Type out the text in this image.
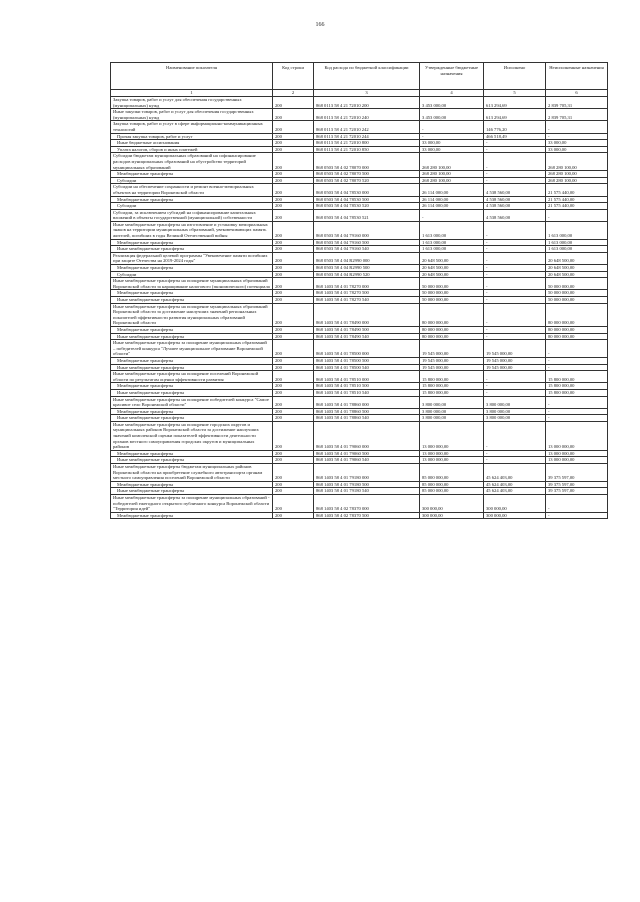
166
Наименование показателя	Код строки	Код расхода по бюджетной классификации	Утвержденные бюджетные назначения	Исполнено	Неисполненные назначения
1	2	3	4	5	6
Закупка товаров, работ и услуг для обеспечения государственных (муниципальных) нужд	200	868 0113 58 4 21 72010 200	3 453 000,00	613 294,69	2 839 705,31
Иные закупки товаров, работ и услуг для обеспечения государственных (муниципальных) нужд	200	868 0113 58 4 21 72010 240	3 453 000,00	613 294,69	2 839 705,31
Закупка товаров, работ и услуг в сфере информационно-коммуникационных технологий	200	868 0113 58 4 21 72010 242	-	146 776,20	-
Прочая закупка товаров, работ и услуг	200	868 0113 58 4 21 72010 244	-	466 518,49	-
Иные бюджетные ассигнования	200	868 0113 58 4 21 72010 800	33 000,00	-	33 000,00
Уплата налогов, сборов и иных платежей	200	868 0113 58 4 21 72010 850	33 000,00	-	33 000,00
Субсидии бюджетам муниципальных образований на софинансирование расходов муниципальных образований на обустройство территорий муниципальных образований	200	868 0503 58 4 02 78070 000	268 280 100,00	-	268 280 100,00
Межбюджетные трансферты	200	868 0503 58 4 02 78070 500	268 280 100,00	-	268 280 100,00
Субсидии	200	868 0503 58 4 02 78070 520	268 280 100,00	-	268 280 100,00
Субсидии на обеспечение сохранности и ремонт военно-мемориальных объектов на территории Воронежской области	200	868 0503 58 4 04 78530 000	26 114 000,00	4 538 560,00	21 575 440,00
Межбюджетные трансферты	200	868 0503 58 4 04 78530 500	26 114 000,00	4 538 560,00	21 575 440,00
Субсидии	200	868 0503 58 4 04 78530 520	26 114 000,00	4 538 560,00	21 575 440,00
Субсидии, за исключением субсидий на софинансирование капитальных вложений в объекты государственной (муниципальной) собственности	200	868 0503 58 4 04 78530 521	-	4 538 560,00	-
Иные межбюджетные трансферты на изготовление и установку мемориальных знаков на территории муниципальных образований, увековечивающих память жителей, погибших в годы Великой Отечественной войны	200	868 0503 58 4 04 79160 000	1 613 000,00	-	1 613 000,00
Межбюджетные трансферты	200	868 0503 58 4 04 79160 500	1 613 000,00	-	1 613 000,00
Иные межбюджетные трансферты	200	868 0503 58 4 04 79160 540	1 613 000,00	-	1 613 000,00
Реализация федеральной целевой программы "Увековечение памяти погибших при защите Отечества на 2019-2024 годы"	200	868 0503 58 4 04 R2990 000	20 648 500,00	-	20 648 500,00
Межбюджетные трансферты	200	868 0503 58 4 04 R2990 500	20 648 500,00	-	20 648 500,00
Субсидии	200	868 0503 58 4 04 R2990 520	20 648 500,00	-	20 648 500,00
Иные межбюджетные трансферты на поощрение муниципальных образований Воронежской области за наращивание налогового (экономического) потенциала	200	868 1403 58 4 01 78270 000	50 000 000,00	-	50 000 000,00
Межбюджетные трансферты	200	868 1403 58 4 01 78270 500	50 000 000,00	-	50 000 000,00
Иные межбюджетные трансферты	200	868 1403 58 4 01 78270 540	50 000 000,00	-	50 000 000,00
Иные межбюджетные трансферты на поощрение муниципальных образований Воронежской области за достижение наилучших значений региональных показателей эффективности развития муниципальных образований Воронежской области	200	868 1403 58 4 01 78490 000	80 000 000,00	-	80 000 000,00
Межбюджетные трансферты	200	868 1403 58 4 01 78490 500	80 000 000,00	-	80 000 000,00
Иные межбюджетные трансферты	200	868 1403 58 4 01 78490 540	80 000 000,00	-	80 000 000,00
Иные межбюджетные трансферты за поощрение муниципальных образований – победителей конкурса "Лучшее муниципальное образование Воронежской области"	200	868 1403 58 4 01 78500 000	19 545 000,00	19 545 000,00	-
Межбюджетные трансферты	200	868 1403 58 4 01 78500 500	19 545 000,00	19 545 000,00	-
Иные межбюджетные трансферты	200	868 1403 58 4 01 78500 540	19 545 000,00	19 545 000,00	-
Иные межбюджетные трансферты на поощрение поселений Воронежской области по результатам оценки эффективности развития	200	868 1403 58 4 01 78510 000	15 800 000,00	-	15 800 000,00
Межбюджетные трансферты	200	868 1403 58 4 01 78510 500	15 800 000,00	-	15 800 000,00
Иные межбюджетные трансферты	200	868 1403 58 4 01 78510 540	15 800 000,00	-	15 800 000,00
Иные межбюджетные трансферты на поощрение победителей конкурса "Самое красивое село Воронежской области"	200	868 1403 58 4 01 78860 000	3 800 000,00	3 800 000,00	-
Межбюджетные трансферты	200	868 1403 58 4 01 78860 500	3 800 000,00	3 800 000,00	-
Иные межбюджетные трансферты	200	868 1403 58 4 01 78860 540	3 800 000,00	3 800 000,00	-
Иные межбюджетные трансферты на поощрение городских округов и муниципальных районов Воронежской области за достижение наилучших значений комплексной оценки показателей эффективности деятельности органов местного самоуправления городских округов и муниципальных районов	200	868 1403 58 4 01 79060 000	13 000 000,00	-	13 000 000,00
Межбюджетные трансферты	200	868 1403 58 4 01 79060 500	13 000 000,00	-	13 000 000,00
Иные межбюджетные трансферты	200	868 1403 58 4 01 79060 540	13 000 000,00	-	13 000 000,00
Иные межбюджетные трансферты бюджетам муниципальных районов Воронежской области на приобретение служебного автотранспорта органам местного самоуправления поселений Воронежской области	200	868 1403 58 4 01 79180 000	85 000 000,00	45 624 403,00	39 375 597,00
Межбюджетные трансферты	200	868 1403 58 4 01 79180 500	85 000 000,00	45 624 403,00	39 375 597,00
Иные межбюджетные трансферты	200	868 1403 58 4 01 79180 540	85 000 000,00	45 624 403,00	39 375 597,00
Иные межбюджетные трансферты за поощрение муниципальных образований - победителей ежегодного открытого публичного конкурса Воронежской области "Территория идей"	200	868 1403 58 4 02 78370 000	300 000,00	300 000,00	-
Межбюджетные трансферты	200	868 1403 58 4 02 78370 500	300 000,00	300 000,00	-
